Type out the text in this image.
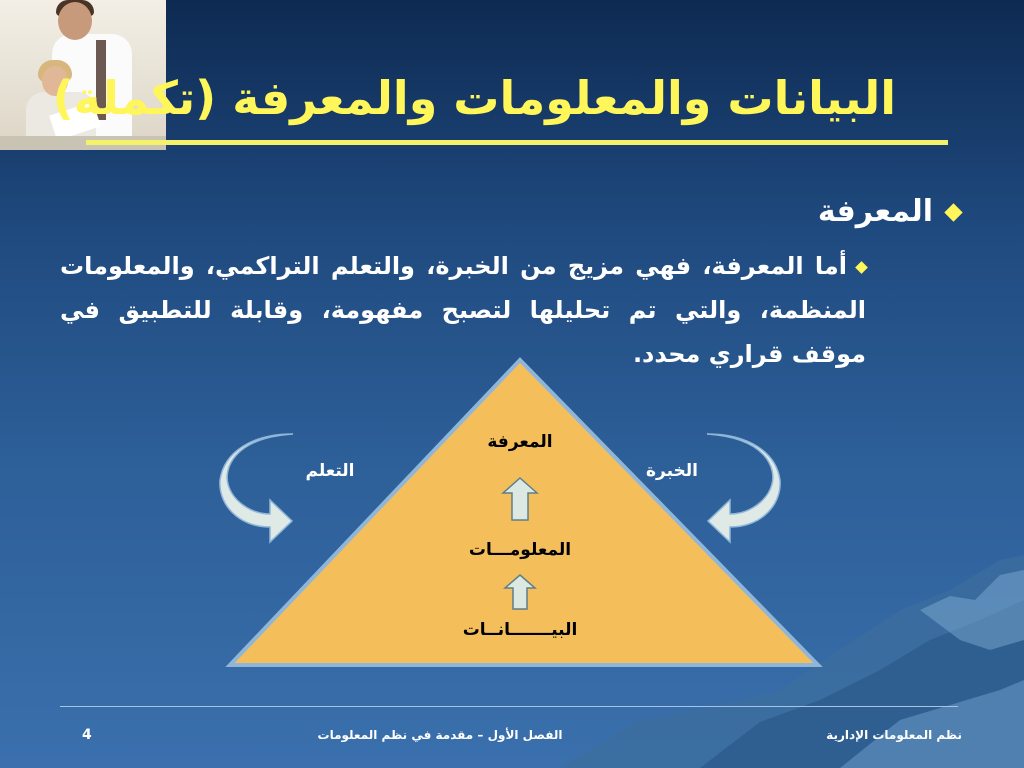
البيانات والمعلومات والمعرفة (تكملة)
المعرفة
أما المعرفة، فهي مزيج من الخبرة، والتعلم التراكمي، والمعلومات المنظمة، والتي تم تحليلها لتصبح مفهومة، وقابلة للتطبيق في موقف قراري محدد.
المعرفة
المعلومـــات
البيـــــــانــات
التعلم	الخبرة
4	الفصل الأول – مقدمة في نظم المعلومات	نظم المعلومات الإدارية
